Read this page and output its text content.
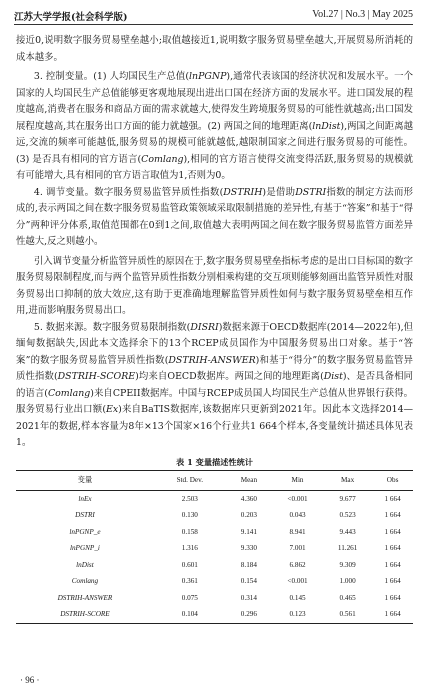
江苏大学学报(社会科学版)	Vol.27 | No.3 | May 2025

接近0,说明数字服务贸易壁垒越小;取值越接近1,说明数字服务贸易壁垒越大,开展贸易所消耗的成本越多。

3. 控制变量。(1) 人均国民生产总值(lnPGNP),通常代表该国的经济状况和发展水平。一个国家的人均国民生产总值能够更客观地展现出进出口国在经济方面的发展水平。进口国发展的程度越高,消费者在服务和商品方面的需求就越大,使得发生跨境服务贸易的可能性就越高;出口国发展程度越高,其在服务出口方面的能力就越强。(2) 两国之间的地理距离(lnDist),两国之间距离越远,交流的频率可能越低,服务贸易的规模可能就越低,越限制国家之间进行服务贸易的可能性。(3) 是否具有相同的官方语言(Comlang),相同的官方语言使得交流变得活跃,服务贸易的规模就有可能增大,具有相同的官方语言取值为1,否则为0。

4. 调节变量。数字服务贸易监管异质性指数(DSTRIH)是借助DSTRI指数的制定方法而形成的,表示两国之间在数字服务贸易监管政策领域采取限制措施的差异性,有基于“答案”和基于“得分”两种评分体系,取值范围都在0到1之间,取值越大表明两国之间在数字服务贸易监管方面差异性越大,反之则越小。

引入调节变量分析监管异质性的原因在于,数字服务贸易壁垒指标考虑的是出口目标国的数字服务贸易限制程度,而与两个监管异质性指数分别相乘构建的交互项则能够刻画出监管异质性对服务贸易出口抑制的放大效应,这有助于更准确地理解监管异质性如何与数字服务贸易壁垒相互作用,进而影响服务贸易出口。

5. 数据来源。数字服务贸易限制指数(DISRI)数据来源于OECD数据库(2014—2022年),但缅甸数据缺失,因此本文选择余下的13个RCEP成员国作为中国服务贸易出口对象。基于“答案”的数字服务贸易监管异质性指数(DSTRIH-ANSWER)和基于“得分”的数字服务贸易监管异质性指数(DSTRIH-SCORE)均来自OECD数据库。两国之间的地理距离(Dist)、是否具备相同的语言(Comlang)来自CPEII数据库。中国与RCEP成员国人均国民生产总值从世界银行获得。服务贸易行业出口额(Ex)来自BaTIS数据库,该数据库只更新到2021年。因此本文选择2014—2021年的数据,样本容量为8年×13个国家×16个行业共1 664个样本,各变量统计描述具体见表1。

表 1 变量描述性统计
变量	Std. Dev.	Mean	Min	Max	Obs
lnEx	2.503	4.360	<0.001	9.677	1 664
DSTRI	0.130	0.203	0.043	0.523	1 664
lnPGNP_e	0.158	9.141	8.941	9.443	1 664
lnPGNP_i	1.316	9.330	7.001	11.261	1 664
lnDist	0.601	8.184	6.862	9.309	1 664
Comlang	0.361	0.154	<0.001	1.000	1 664
DSTRIH-ANSWER	0.075	0.314	0.145	0.465	1 664
DSTRIH-SCORE	0.104	0.296	0.123	0.561	1 664
· 96 ·
